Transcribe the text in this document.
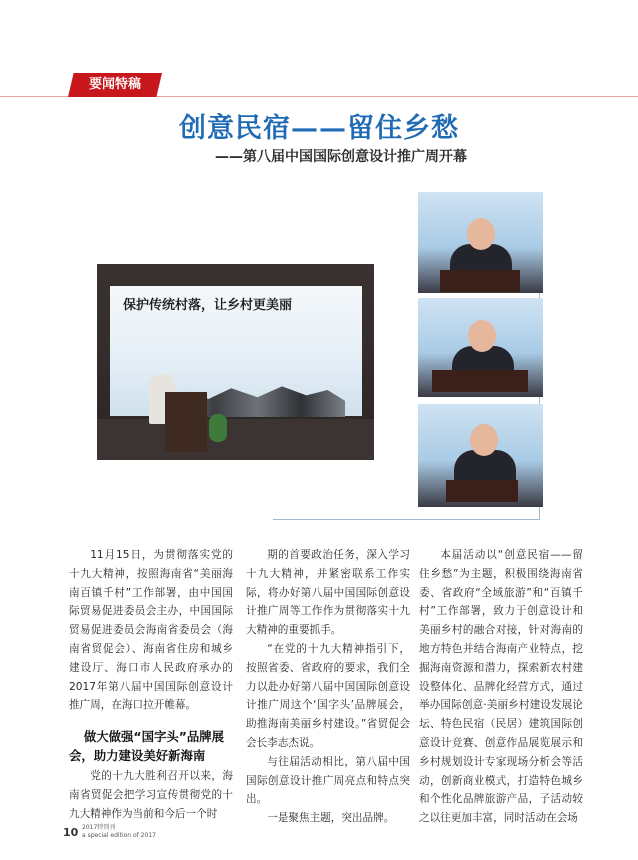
要闻特稿
创意民宿——留住乡愁
——第八届中国国际创意设计推广周开幕
保护传统村落，让乡村更美丽

11月15日，为贯彻落实党的十九大精神，按照海南省“美丽海南百镇千村”工作部署，由中国国际贸易促进委员会主办，中国国际贸易促进委员会海南省委员会（海南省贸促会）、海南省住房和城乡建设厅、海口市人民政府承办的2017年第八届中国国际创意设计推广周，在海口拉开帷幕。

做大做强“国字头”品牌展会，助力建设美好新海南

党的十九大胜利召开以来，海南省贸促会把学习宣传贯彻党的十九大精神作为当前和今后一个时

期的首要政治任务，深入学习十九大精神，并紧密联系工作实际，将办好第八届中国国际创意设计推广周等工作作为贯彻落实十九大精神的重要抓手。

“在党的十九大精神指引下，按照省委、省政府的要求，我们全力以赴办好第八届中国国际创意设计推广周这个‘国字头’品牌展会，助推海南美丽乡村建设。”省贸促会会长李志杰说。

与往届活动相比，第八届中国国际创意设计推广周亮点和特点突出。

一是聚焦主题，突出品牌。

本届活动以“创意民宿——留住乡愁”为主题，积极围绕海南省委、省政府“全域旅游”和“百镇千村”工作部署，致力于创意设计和美丽乡村的融合对接，针对海南的地方特色并结合海南产业特点，挖掘海南资源和潜力，探索新农村建设整体化、品牌化经营方式，通过举办国际创意·美丽乡村建设发展论坛、特色民宿（民居）建筑国际创意设计竞赛、创意作品展览展示和乡村规划设计专家现场分析会等活动，创新商业模式，打造特色城乡和个性化品牌旅游产品，子活动较之以往更加丰富，同时活动在会场

10 2017特别刊
a special edition of 2017
